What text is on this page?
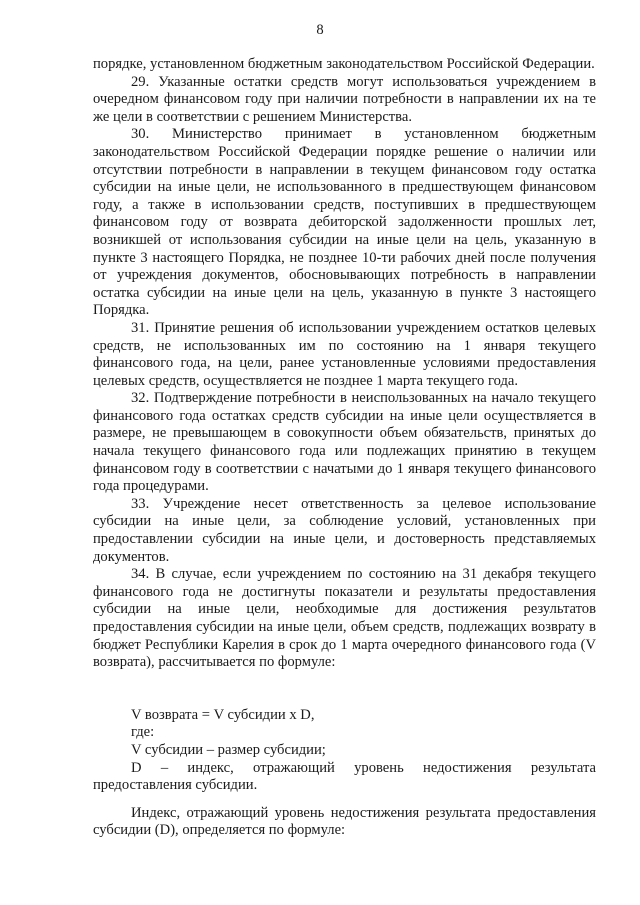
8

порядке, установленном бюджетным законодательством Российской Федерации.

29. Указанные остатки средств могут использоваться учреждением в очередном финансовом году при наличии потребности в направлении их на те же цели в соответствии с решением Министерства.

30. Министерство принимает в установленном бюджетным законодательством Российской Федерации порядке решение о наличии или отсутствии потребности в направлении в текущем финансовом году остатка субсидии на иные цели, не использованного в предшествующем финансовом году, а также в использовании средств, поступивших в предшествующем финансовом году от возврата дебиторской задолженности прошлых лет, возникшей от использования субсидии на иные цели на цель, указанную в пункте 3 настоящего Порядка, не позднее 10-ти рабочих дней после получения от учреждения документов, обосновывающих потребность в направлении остатка субсидии на иные цели на цель, указанную в пункте 3 настоящего Порядка.

31. Принятие решения об использовании учреждением остатков целевых средств, не использованных им по состоянию на 1 января текущего финансового года, на цели, ранее установленные условиями предоставления целевых средств, осуществляется не позднее 1 марта текущего года.

32. Подтверждение потребности в неиспользованных на начало текущего финансового года остатках средств субсидии на иные цели осуществляется в размере, не превышающем в совокупности объем обязательств, принятых до начала текущего финансового года или подлежащих принятию в текущем финансовом году в соответствии с начатыми до 1 января текущего финансового года процедурами.

33. Учреждение несет ответственность за целевое использование субсидии на иные цели, за соблюдение условий, установленных при предоставлении субсидии на иные цели, и достоверность представляемых документов.

34. В случае, если учреждением по состоянию на 31 декабря текущего финансового года не достигнуты показатели и результаты предоставления субсидии на иные цели, необходимые для достижения результатов предоставления субсидии на иные цели, объем средств, подлежащих возврату в бюджет Республики Карелия в срок до 1 марта очередного финансового года (V возврата), рассчитывается по формуле:

V возврата = V субсидии x D,

где:

V субсидии – размер субсидии;

D – индекс, отражающий уровень недостижения результата предоставления субсидии.

Индекс, отражающий уровень недостижения результата предоставления субсидии (D), определяется по формуле:
